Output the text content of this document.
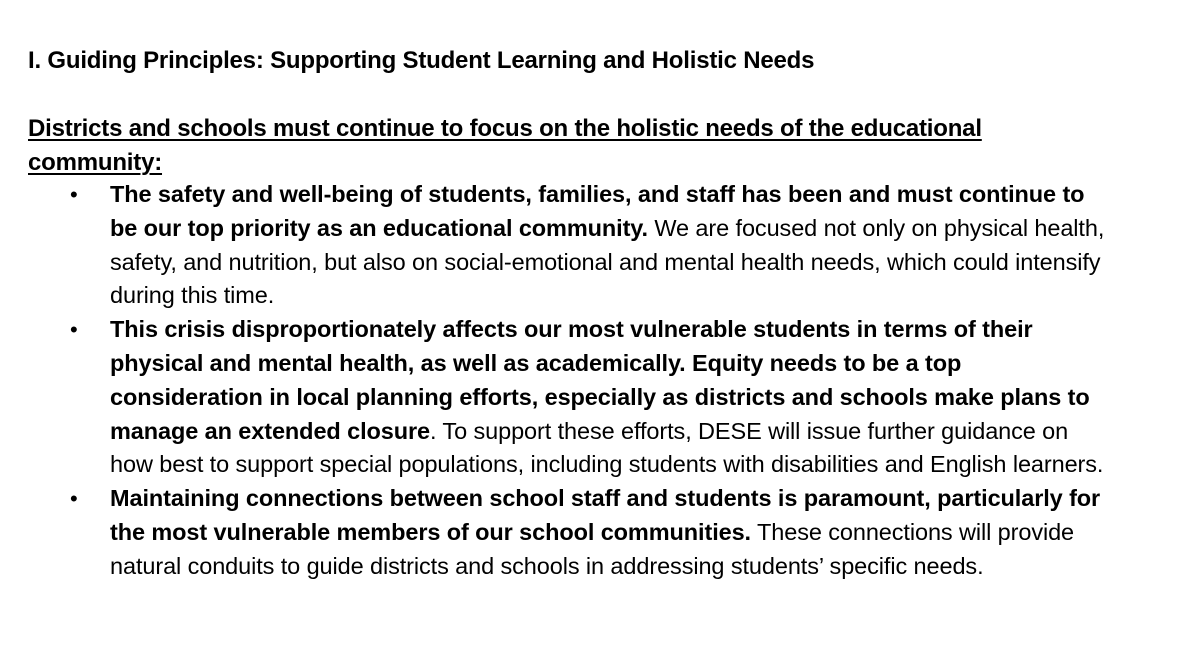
I. Guiding Principles: Supporting Student Learning and Holistic Needs
Districts and schools must continue to focus on the holistic needs of the educational community:
•	The safety and well-being of students, families, and staff has been and must continue to be our top priority as an educational community. We are focused not only on physical health, safety, and nutrition, but also on social-emotional and mental health needs, which could intensify during this time.
•	This crisis disproportionately affects our most vulnerable students in terms of their physical and mental health, as well as academically. Equity needs to be a top consideration in local planning efforts, especially as districts and schools make plans to manage an extended closure. To support these efforts, DESE will issue further guidance on how best to support special populations, including students with disabilities and English learners.
•	Maintaining connections between school staff and students is paramount, particularly for the most vulnerable members of our school communities. These connections will provide natural conduits to guide districts and schools in addressing students’ specific needs.
